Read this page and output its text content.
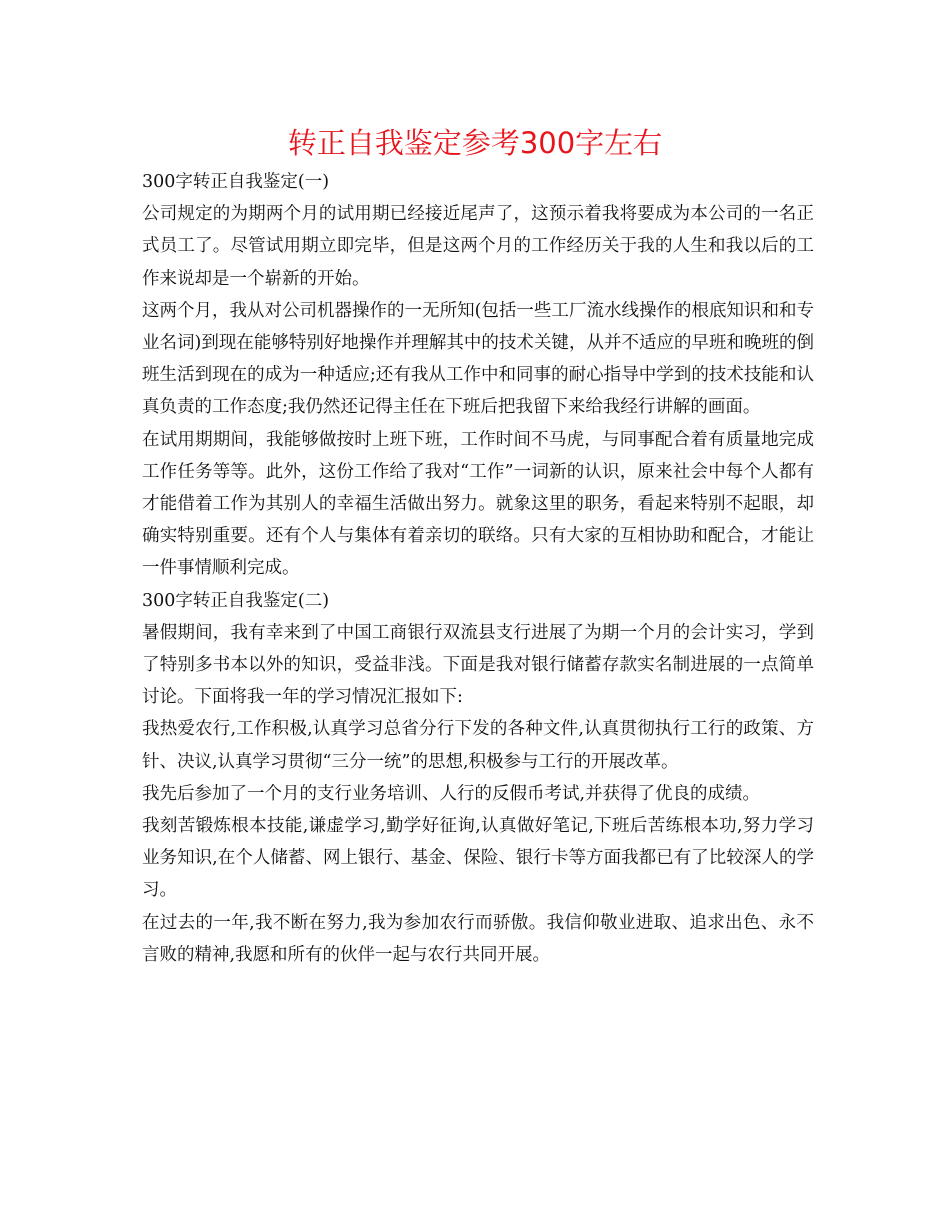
转正自我鉴定参考300字左右

300字转正自我鉴定(一)

公司规定的为期两个月的试用期已经接近尾声了，这预示着我将要成为本公司的一名正式员工了。尽管试用期立即完毕，但是这两个月的工作经历关于我的人生和我以后的工作来说却是一个崭新的开始。

这两个月，我从对公司机器操作的一无所知(包括一些工厂流水线操作的根底知识和和专业名词)到现在能够特别好地操作并理解其中的技术关键，从并不适应的早班和晚班的倒班生活到现在的成为一种适应;还有我从工作中和同事的耐心指导中学到的技术技能和认真负责的工作态度;我仍然还记得主任在下班后把我留下来给我经行讲解的画面。

在试用期期间，我能够做按时上班下班，工作时间不马虎，与同事配合着有质量地完成工作任务等等。此外，这份工作给了我对“工作”一词新的认识，原来社会中每个人都有才能借着工作为其别人的幸福生活做出努力。就象这里的职务，看起来特别不起眼，却确实特别重要。还有个人与集体有着亲切的联络。只有大家的互相协助和配合，才能让一件事情顺利完成。

300字转正自我鉴定(二)

暑假期间，我有幸来到了中国工商银行双流县支行进展了为期一个月的会计实习，学到了特别多书本以外的知识，受益非浅。下面是我对银行储蓄存款实名制进展的一点简单讨论。下面将我一年的学习情况汇报如下:

我热爱农行,工作积极,认真学习总省分行下发的各种文件,认真贯彻执行工行的政策、方针、决议,认真学习贯彻“三分一统”的思想,积极参与工行的开展改革。

我先后参加了一个月的支行业务培训、人行的反假币考试,并获得了优良的成绩。

我刻苦锻炼根本技能,谦虚学习,勤学好征询,认真做好笔记,下班后苦练根本功,努力学习业务知识,在个人储蓄、网上银行、基金、保险、银行卡等方面我都已有了比较深人的学习。

在过去的一年,我不断在努力,我为参加农行而骄傲。我信仰敬业进取、追求出色、永不言败的精神,我愿和所有的伙伴一起与农行共同开展。
